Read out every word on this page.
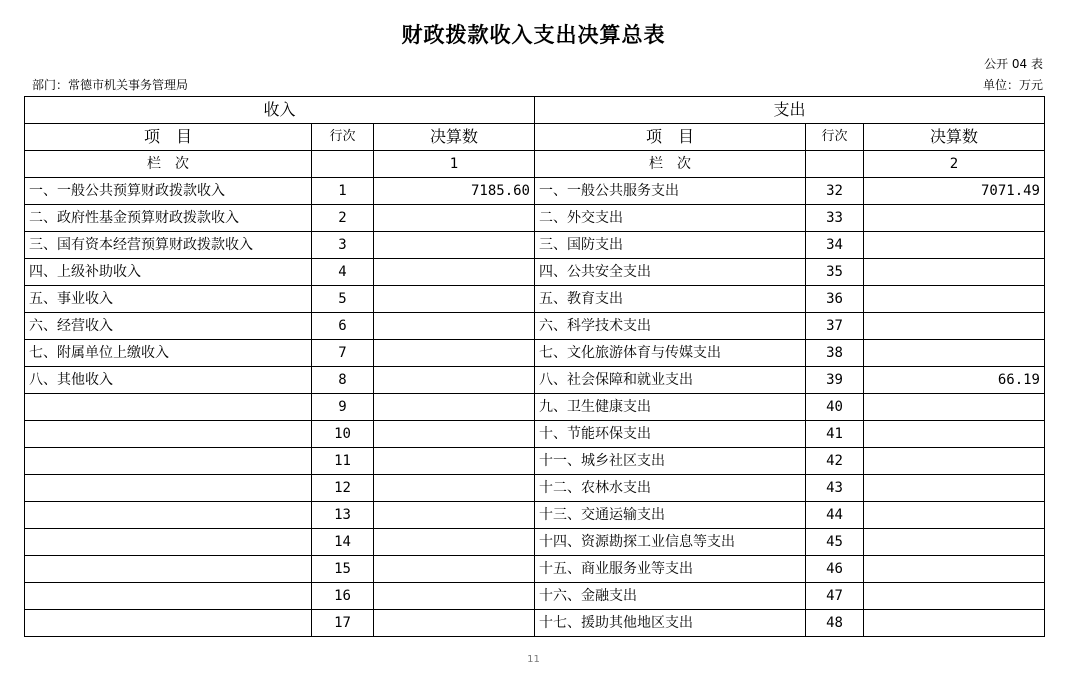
财政拨款收入支出决算总表
公开 04 表
部门：常德市机关事务管理局	单位：万元
收入			支出		
项　目	行次	决算数	项　目	行次	决算数
栏　次		1	栏　次		2
一、一般公共预算财政拨款收入	1	7185.60	一、一般公共服务支出	32	7071.49
二、政府性基金预算财政拨款收入	2		二、外交支出	33	
三、国有资本经营预算财政拨款收入	3		三、国防支出	34	
四、上级补助收入	4		四、公共安全支出	35	
五、事业收入	5		五、教育支出	36	
六、经营收入	6		六、科学技术支出	37	
七、附属单位上缴收入	7		七、文化旅游体育与传媒支出	38	
八、其他收入	8		八、社会保障和就业支出	39	66.19
	9		九、卫生健康支出	40	
	10		十、节能环保支出	41	
	11		十一、城乡社区支出	42	
	12		十二、农林水支出	43	
	13		十三、交通运输支出	44	
	14		十四、资源勘探工业信息等支出	45	
	15		十五、商业服务业等支出	46	
	16		十六、金融支出	47	
	17		十七、援助其他地区支出	48	
11
